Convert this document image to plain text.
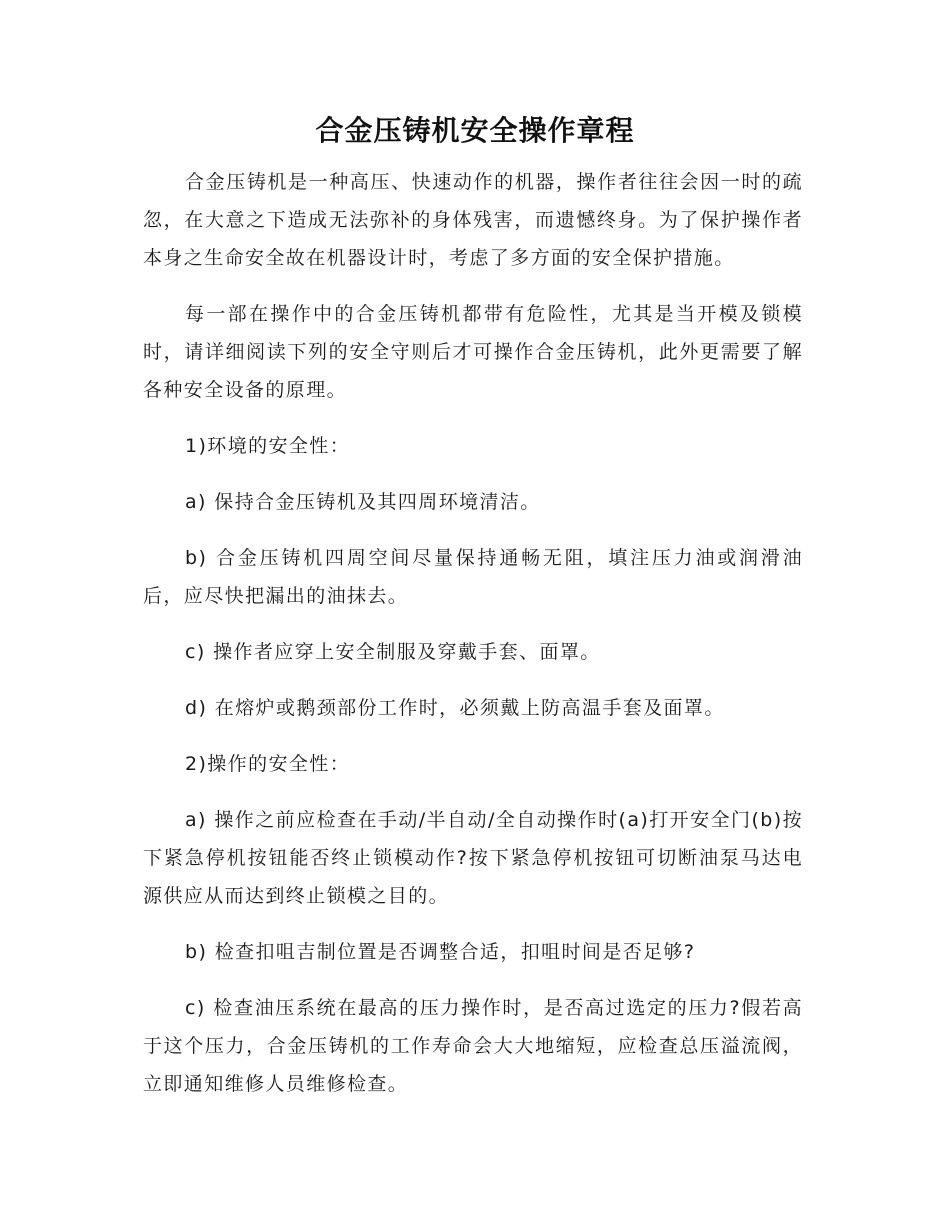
合金压铸机安全操作章程

合金压铸机是一种高压、快速动作的机器，操作者往往会因一时的疏忽，在大意之下造成无法弥补的身体残害，而遗憾终身。为了保护操作者本身之生命安全故在机器设计时，考虑了多方面的安全保护措施。

每一部在操作中的合金压铸机都带有危险性，尤其是当开模及锁模时，请详细阅读下列的安全守则后才可操作合金压铸机，此外更需要了解各种安全设备的原理。

1)环境的安全性：

a) 保持合金压铸机及其四周环境清洁。

b) 合金压铸机四周空间尽量保持通畅无阻，填注压力油或润滑油后，应尽快把漏出的油抹去。

c) 操作者应穿上安全制服及穿戴手套、面罩。

d) 在熔炉或鹅颈部份工作时，必须戴上防高温手套及面罩。

2)操作的安全性：

a) 操作之前应检查在手动/半自动/全自动操作时(a)打开安全门(b)按下紧急停机按钮能否终止锁模动作?按下紧急停机按钮可切断油泵马达电源供应从而达到终止锁模之目的。

b) 检查扣咀吉制位置是否调整合适，扣咀时间是否足够?

c) 检查油压系统在最高的压力操作时，是否高过选定的压力?假若高于这个压力，合金压铸机的工作寿命会大大地缩短，应检查总压溢流阀，立即通知维修人员维修检查。
